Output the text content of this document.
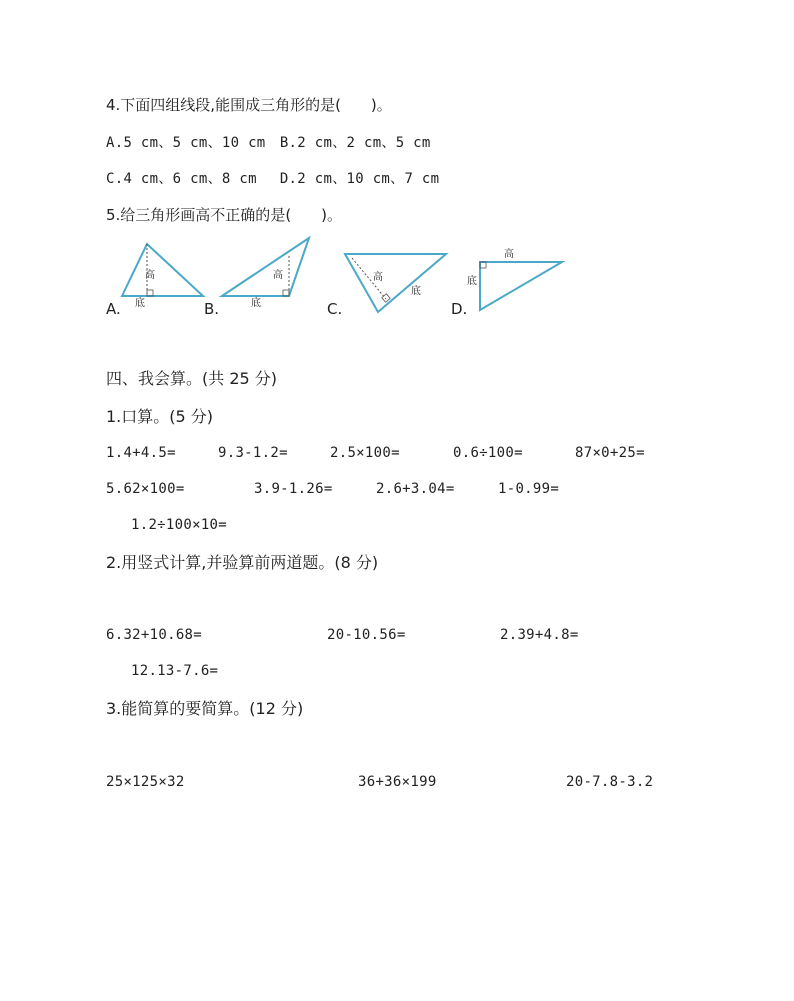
4.下面四组线段,能围成三角形的是(　　)。
A.5 cm、5 cm、10 cm　B.2 cm、2 cm、5 cm
C.4 cm、6 cm、8 cm　 D.2 cm、10 cm、7 cm
5.给三角形画高不正确的是(　　)。
A.
高
底	B.
高
底	C.
高
底
D.
高
底
四、我会算。(共 25 分)
1.口算。(5 分)
1.4+4.5=	9.3-1.2=	2.5×100=	0.6÷100=	87×0+25=
5.62×100=	3.9-1.26=	2.6+3.04=	1-0.99=
1.2÷100×10=
2.用竖式计算,并验算前两道题。(8 分)
6.32+10.68=	20-10.56=	2.39+4.8=
12.13-7.6=
3.能简算的要简算。(12 分)
25×125×32	36+36×199	20-7.8-3.2
